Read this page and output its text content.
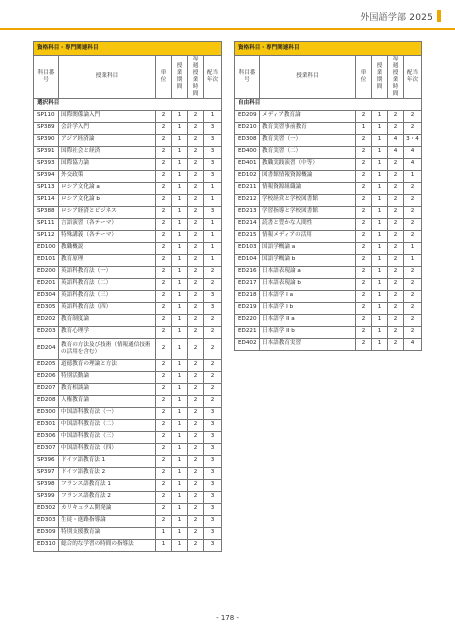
外国語学部 2025
資格科目・専門関連科目					
科目番号	授業科目	単位	授業期間	毎週授業時間	配当年次
選択科目					
SP110	国際関係論入門	2	1	2	1
SP389	会計学入門	2	1	2	3
SP390	アジア経済論	2	1	2	3
SP391	国際社会と経済	2	1	2	3
SP393	国際協力論	2	1	2	3
SP394	外交政策	2	1	2	3
SP113	ロシア文化論 a	2	1	2	1
SP114	ロシア文化論 b	2	1	2	1
SP388	ロシア経済とビジネス	2	1	2	3
SP111	言語演習（各テーマ）	2	1	2	1
SP112	特殊講義（各テーマ）	2	1	2	1
ED100	教職概説	2	1	2	1
ED101	教育原理	2	1	2	1
ED200	英語科教育法（一）	2	1	2	2
ED201	英語科教育法（二）	2	1	2	2
ED304	英語科教育法（三）	2	1	2	3
ED305	英語科教育法（四）	2	1	2	3
ED202	教育制度論	2	1	2	2
ED203	教育心理学	2	1	2	2
ED204	教育の方法及び技術（情報通信技術の活用を含む）	2	1	2	2
ED205	道徳教育の理論と方法	2	1	2	2
ED206	特別活動論	2	1	2	2
ED207	教育相談論	2	1	2	2
ED208	人権教育論	2	1	2	2
ED300	中国語科教育法（一）	2	1	2	3
ED301	中国語科教育法（二）	2	1	2	3
ED306	中国語科教育法（三）	2	1	2	3
ED307	中国語科教育法（四）	2	1	2	3
SP396	ドイツ語教育法 1	2	1	2	3
SP397	ドイツ語教育法 2	2	1	2	3
SP398	フランス語教育法 1	2	1	2	3
SP399	フランス語教育法 2	2	1	2	3
ED302	カリキュラム開発論	2	1	2	3
ED303	生徒・進路指導論	2	1	2	3
ED309	特別支援教育論	1	1	2	3
ED310	総合的な学習の時間の指導法	1	1	2	3
資格科目・専門関連科目					
科目番号	授業科目	単位	授業期間	毎週授業時間	配当年次
自由科目					
ED209	メディア教育論	2	1	2	2
ED210	教育実習事前教育	1	1	2	2
ED308	教育実習（一）	2	1	4	3・4
ED400	教育実習（二）	2	1	4	4
ED401	教職実践演習（中等）	2	1	2	4
ED102	図書館情報資源概論	2	1	2	1
ED211	情報資源組織論	2	1	2	2
ED212	学校経営と学校図書館	2	1	2	2
ED213	学習指導と学校図書館	2	1	2	2
ED214	読書と豊かな人間性	2	1	2	2
ED215	情報メディアの活用	2	1	2	2
ED103	国語学概論 a	2	1	2	1
ED104	国語学概論 b	2	1	2	1
ED216	日本語表現論 a	2	1	2	2
ED217	日本語表現論 b	2	1	2	2
ED218	日本語学 I a	2	1	2	2
ED219	日本語学 I b	2	1	2	2
ED220	日本語学 II a	2	1	2	2
ED221	日本語学 II b	2	1	2	2
ED402	日本語教育実習	2	1	2	4
- 178 -
